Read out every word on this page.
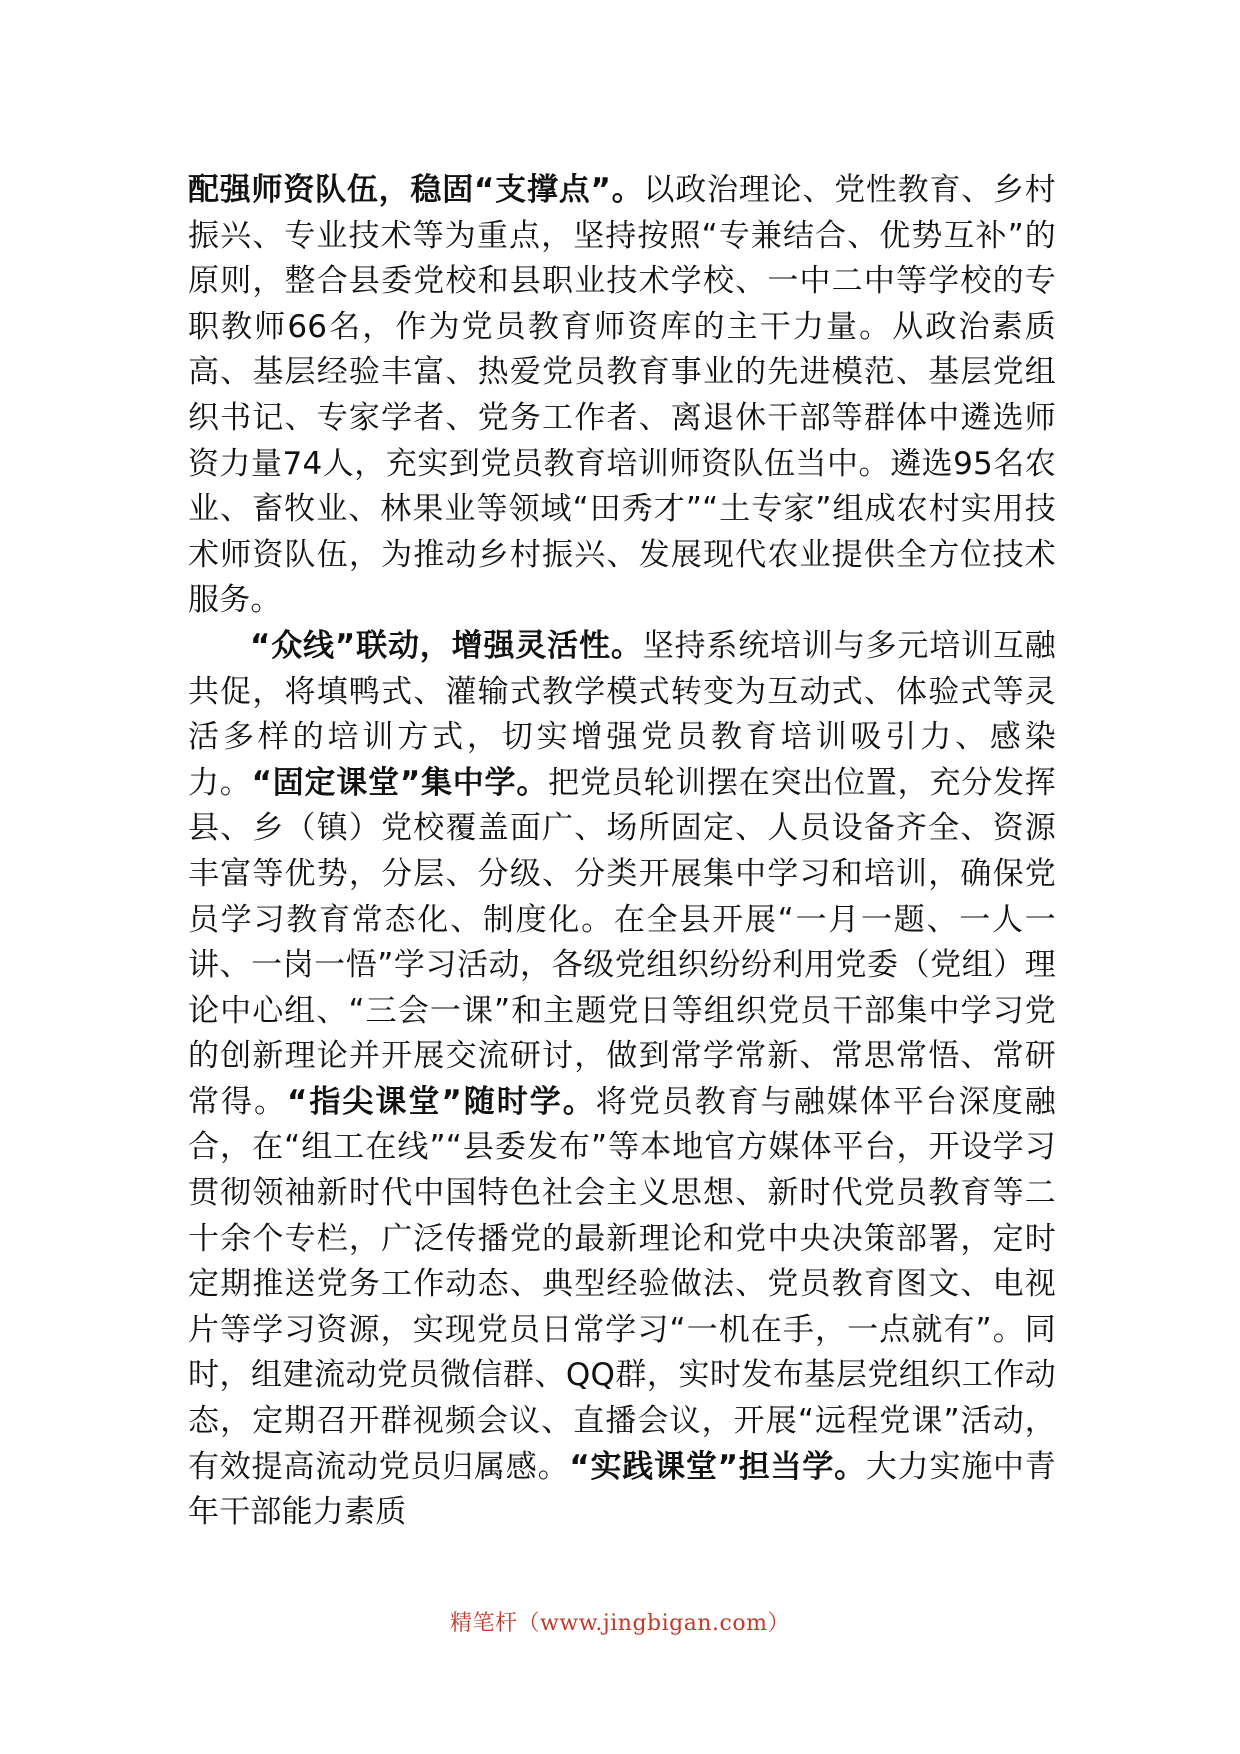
配强师资队伍，稳固“支撑点”。以政治理论、党性教育、乡村振兴、专业技术等为重点，坚持按照“专兼结合、优势互补”的原则，整合县委党校和县职业技术学校、一中二中等学校的专职教师66名，作为党员教育师资库的主干力量。从政治素质高、基层经验丰富、热爱党员教育事业的先进模范、基层党组织书记、专家学者、党务工作者、离退休干部等群体中遴选师资力量74人，充实到党员教育培训师资队伍当中。遴选95名农业、畜牧业、林果业等领域“田秀才”“土专家”组成农村实用技术师资队伍，为推动乡村振兴、发展现代农业提供全方位技术服务。

“众线”联动，增强灵活性。坚持系统培训与多元培训互融共促，将填鸭式、灌输式教学模式转变为互动式、体验式等灵活多样的培训方式，切实增强党员教育培训吸引力、感染力。“固定课堂”集中学。把党员轮训摆在突出位置，充分发挥县、乡（镇）党校覆盖面广、场所固定、人员设备齐全、资源丰富等优势，分层、分级、分类开展集中学习和培训，确保党员学习教育常态化、制度化。在全县开展“一月一题、一人一讲、一岗一悟”学习活动，各级党组织纷纷利用党委（党组）理论中心组、“三会一课”和主题党日等组织党员干部集中学习党的创新理论并开展交流研讨，做到常学常新、常思常悟、常研常得。“指尖课堂”随时学。将党员教育与融媒体平台深度融合，在“组工在线”“县委发布”等本地官方媒体平台，开设学习贯彻领袖新时代中国特色社会主义思想、新时代党员教育等二十余个专栏，广泛传播党的最新理论和党中央决策部署，定时定期推送党务工作动态、典型经验做法、党员教育图文、电视片等学习资源，实现党员日常学习“一机在手，一点就有”。同时，组建流动党员微信群、QQ群，实时发布基层党组织工作动态，定期召开群视频会议、直播会议，开展“远程党课”活动，有效提高流动党员归属感。“实践课堂”担当学。大力实施中青年干部能力素质

精笔杆（www.jingbigan.com）
